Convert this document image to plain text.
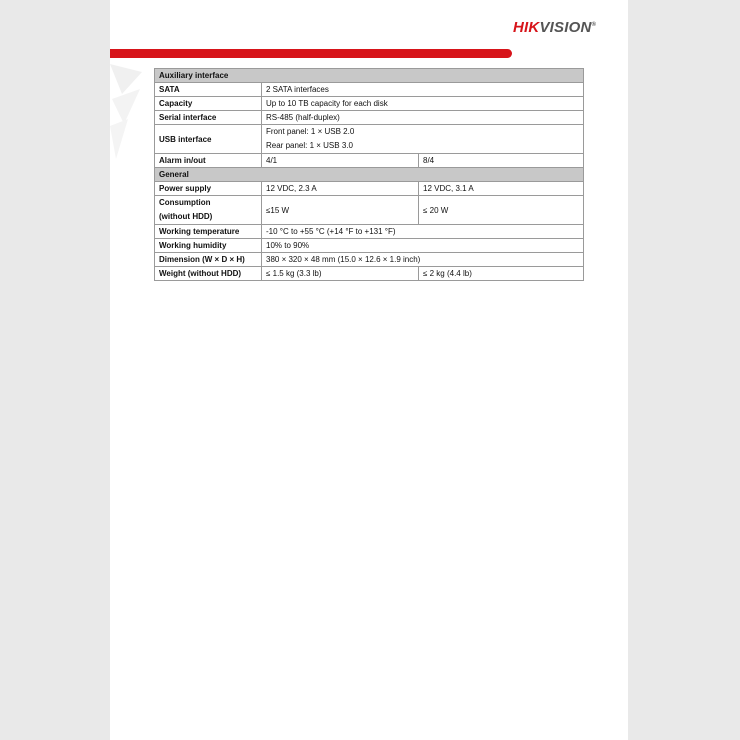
HIKVISION®
Auxiliary interface		
SATA	2 SATA interfaces	
Capacity	Up to 10 TB capacity for each disk	
Serial interface	RS-485 (half-duplex)	
USB interface	Front panel: 1 × USB 2.0
Rear panel: 1 × USB 3.0	

Alarm in/out	4/1	8/4
General		
Power supply	12 VDC, 2.3 A	12 VDC, 3.1 A

Consumption
(without HDD)	≤15 W	≤ 20 W
Working temperature	-10 °C to +55 °C (+14 °F to +131 °F)	
Working humidity	10% to 90%	
Dimension (W × D × H)	380 × 320 × 48 mm (15.0 × 12.6 × 1.9 inch)	
Weight (without HDD)	≤ 1.5 kg (3.3 lb)	≤ 2 kg (4.4 lb)
